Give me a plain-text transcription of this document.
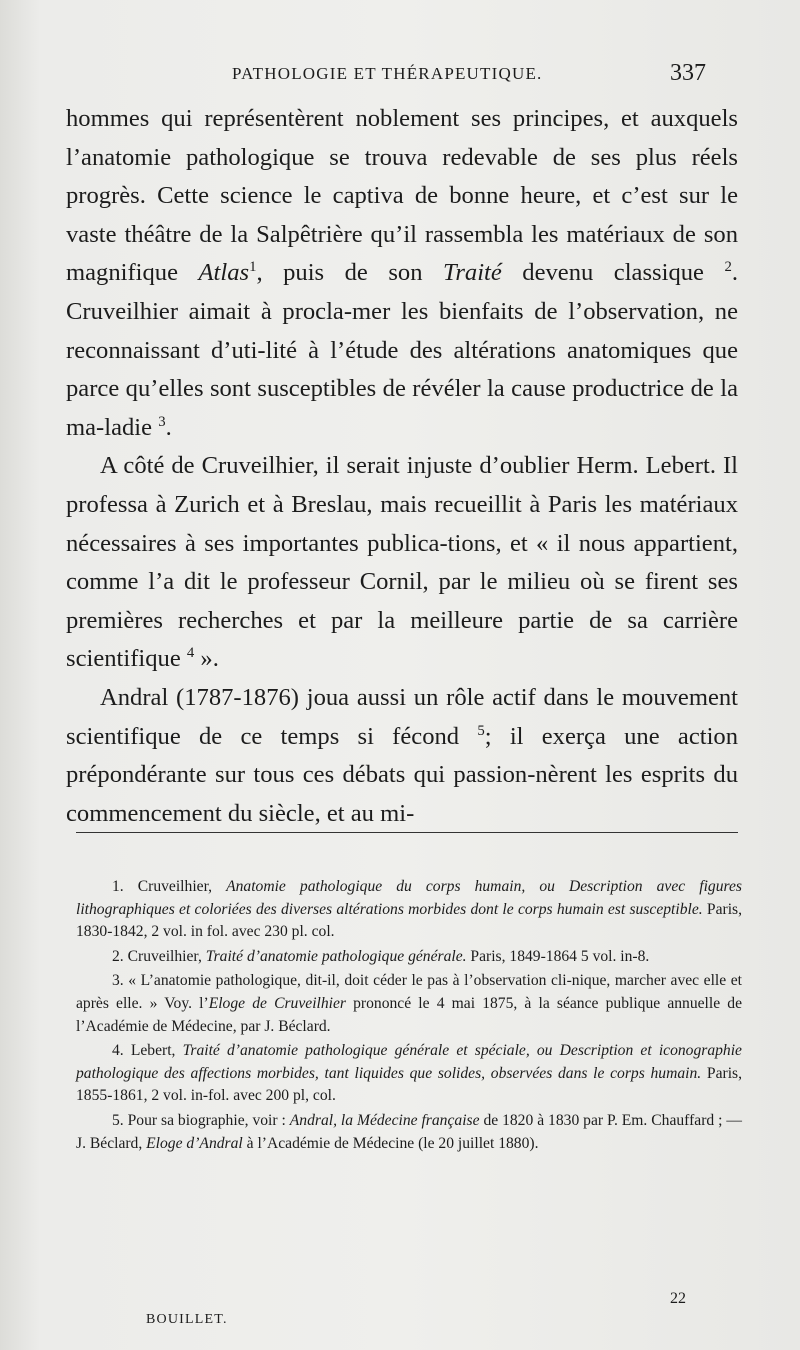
PATHOLOGIE ET THÉRAPEUTIQUE.	337

hommes qui représentèrent noblement ses principes, et auxquels l’anatomie pathologique se trouva redevable de ses plus réels progrès. Cette science le captiva de bonne heure, et c’est sur le vaste théâtre de la Salpêtrière qu’il rassembla les matériaux de son magnifique Atlas$^1$, puis de son Traité devenu classique $^2$. Cruveilhier aimait à procla-mer les bienfaits de l’observation, ne reconnaissant d’uti-lité à l’étude des altérations anatomiques que parce qu’elles sont susceptibles de révéler la cause productrice de la ma-ladie $^3$.

A côté de Cruveilhier, il serait injuste d’oublier Herm. Lebert. Il professa à Zurich et à Breslau, mais recueillit à Paris les matériaux nécessaires à ses importantes publica-tions, et « il nous appartient, comme l’a dit le professeur Cornil, par le milieu où se firent ses premières recherches et par la meilleure partie de sa carrière scientifique $^4$ ».

Andral (1787-1876) joua aussi un rôle actif dans le mouvement scientifique de ce temps si fécond $^5$; il exerça une action prépondérante sur tous ces débats qui passion-nèrent les esprits du commencement du siècle, et au mi-

1. Cruveilhier, Anatomie pathologique du corps humain, ou Description avec figures lithographiques et coloriées des diverses altérations morbides dont le corps humain est susceptible. Paris, 1830-1842, 2 vol. in fol. avec 230 pl. col.

2. Cruveilhier, Traité d’anatomie pathologique générale. Paris, 1849-1864 5 vol. in-8.

3. « L’anatomie pathologique, dit-il, doit céder le pas à l’observation cli-nique, marcher avec elle et après elle. » Voy. l’Eloge de Cruveilhier prononcé le 4 mai 1875, à la séance publique annuelle de l’Académie de Médecine, par J. Béclard.

4. Lebert, Traité d’anatomie pathologique générale et spéciale, ou Description et iconographie pathologique des affections morbides, tant liquides que solides, observées dans le corps humain. Paris, 1855-1861, 2 vol. in-fol. avec 200 pl, col.

5. Pour sa biographie, voir : Andral, la Médecine française de 1820 à 1830 par P. Em. Chauffard ; — J. Béclard, Eloge d’Andral à l’Académie de Médecine (le 20 juillet 1880).

22
BOUILLET.
